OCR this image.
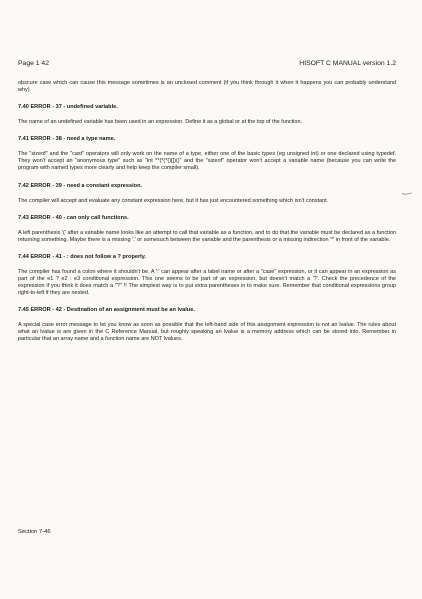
Page 1 42	HISOFT C MANUAL version 1.2

obscure case which can cause this message sometimes is an unclosed comment (if you think through it when it happens you can probably understand why).

7.40 ERROR - 37 - undefined variable.

The name of an undefined variable has been used in an expression. Define it as a global or at the top of the function.

7.41 ERROR - 38 - need a type name.

The "sizeof" and the "cast" operators will only work on the name of a type, either one of the basic types (eg unsigned int) or one declared using typedef. They won't accept an "anonymous type" such as "int **(*(*()[])()" and the "sizeof" operator won't accept a variable name (because you can write the program with named types more clearly and help keep the compiler small).

7.42 ERROR - 39 - need a constant expression.

The compiler will accept and evaluate any constant expression here, but it has just encountered something which isn't constant.

7.43 ERROR - 40 - can only call functions.

A left parenthesis '(' after a variable name looks like an attempt to call that variable as a function, and to do that the variable must be declared as a function returning something. Maybe there is a missing '.' or somesuch between the variable and the parenthesis or a missing indirection '*' in front of the variable.

7.44 ERROR - 41 - : does not follow a ? properly.

The compiler has found a colon where it shouldn't be. A ':' can appear after a label name or after a "case" expression, or it can appear in an expression as part of the e1 ? e2 : e3 conditional expression. This one seems to be part of an expression, but doesn't match a '?'. Check the precedence of the expression if you think it does match a "?" !! The simplest way is to put extra parentheses in to make sure. Remember that conditional expressions group right-to-left if they are nested.

7.45 ERROR - 42 - Destination of an assignment must be an lvalue.

A special case error message to let you know as soon as possible that the left-hand side of this assignment expression is not an lvalue. The rules about what an lvalue is are given in the C Reference Manual, but roughly speaking an lvalue is a memory address which can be stored into. Remember in particular that an array name and a function name are NOT lvalues.

Section 7-46
